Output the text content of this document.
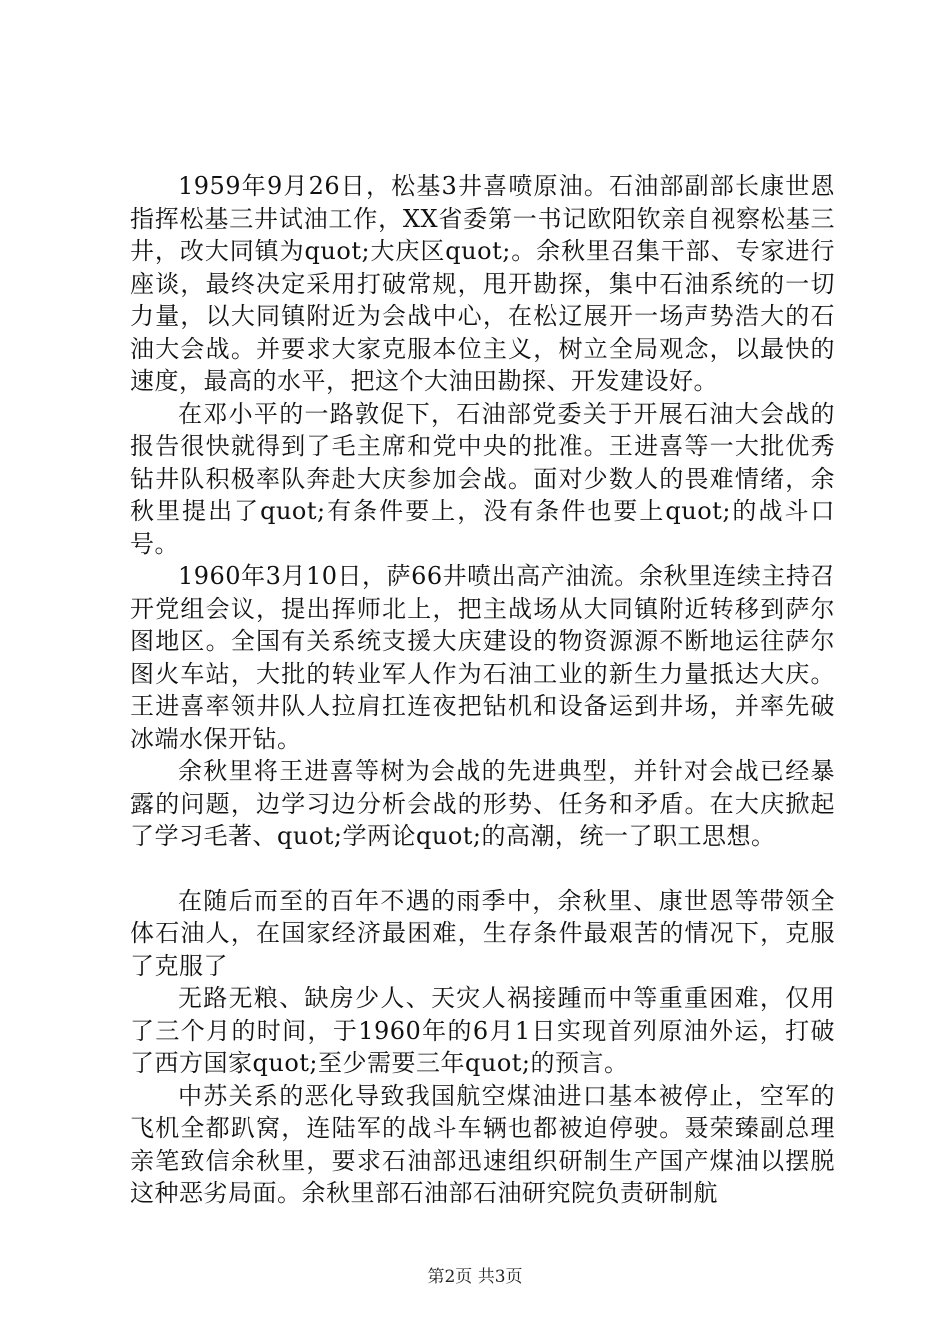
1959年9月26日，松基3井喜喷原油。石油部副部长康世恩指挥松基三井试油工作，XX省委第一书记欧阳钦亲自视察松基三井，改大同镇为quot;大庆区quot;。余秋里召集干部、专家进行座谈，最终决定采用打破常规，甩开勘探，集中石油系统的一切力量，以大同镇附近为会战中心，在松辽展开一场声势浩大的石油大会战。并要求大家克服本位主义，树立全局观念，以最快的速度，最高的水平，把这个大油田勘探、开发建设好。

在邓小平的一路敦促下，石油部党委关于开展石油大会战的报告很快就得到了毛主席和党中央的批准。王进喜等一大批优秀钻井队积极率队奔赴大庆参加会战。面对少数人的畏难情绪，余秋里提出了quot;有条件要上，没有条件也要上quot;的战斗口号。

1960年3月10日，萨66井喷出高产油流。余秋里连续主持召开党组会议，提出挥师北上，把主战场从大同镇附近转移到萨尔图地区。全国有关系统支援大庆建设的物资源源不断地运往萨尔图火车站，大批的转业军人作为石油工业的新生力量抵达大庆。王进喜率领井队人拉肩扛连夜把钻机和设备运到井场，并率先破冰端水保开钻。

余秋里将王进喜等树为会战的先进典型，并针对会战已经暴露的问题，边学习边分析会战的形势、任务和矛盾。在大庆掀起了学习毛著、quot;学两论quot;的高潮，统一了职工思想。

在随后而至的百年不遇的雨季中，余秋里、康世恩等带领全体石油人，在国家经济最困难，生存条件最艰苦的情况下，克服了克服了

无路无粮、缺房少人、天灾人祸接踵而中等重重困难，仅用了三个月的时间，于1960年的6月1日实现首列原油外运，打破了西方国家quot;至少需要三年quot;的预言。

中苏关系的恶化导致我国航空煤油进口基本被停止，空军的飞机全都趴窝，连陆军的战斗车辆也都被迫停驶。聂荣臻副总理亲笔致信余秋里，要求石油部迅速组织研制生产国产煤油以摆脱这种恶劣局面。余秋里部石油部石油研究院负责研制航

第2页 共3页
